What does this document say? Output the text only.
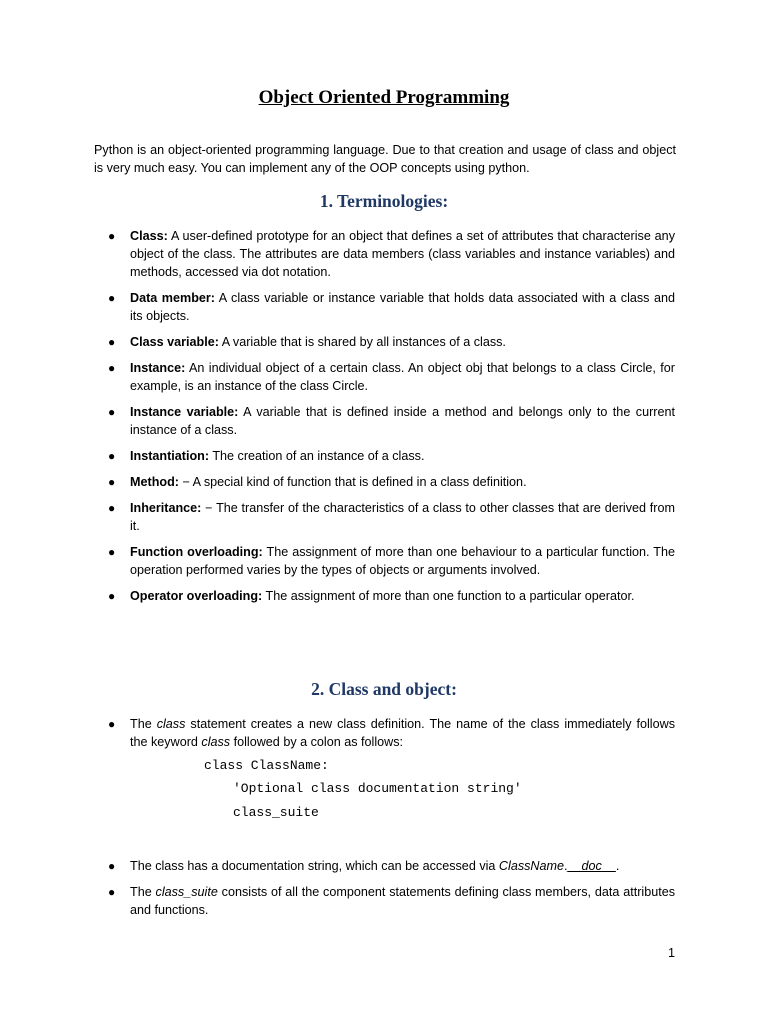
Object Oriented Programming
Python is an object-oriented programming language. Due to that creation and usage of class and object is very much easy. You can implement any of the OOP concepts using python.
1. Terminologies:
● Class: A user-defined prototype for an object that defines a set of attributes that characterise any object of the class. The attributes are data members (class variables and instance variables) and methods, accessed via dot notation.
● Data member: A class variable or instance variable that holds data associated with a class and its objects.
● Class variable: A variable that is shared by all instances of a class.
● Instance: An individual object of a certain class. An object obj that belongs to a class Circle, for example, is an instance of the class Circle.
● Instance variable: A variable that is defined inside a method and belongs only to the current instance of a class.
● Instantiation: The creation of an instance of a class.
● Method: − A special kind of function that is defined in a class definition.
● Inheritance: − The transfer of the characteristics of a class to other classes that are derived from it.
● Function overloading: The assignment of more than one behaviour to a particular function. The operation performed varies by the types of objects or arguments involved.
● Operator overloading: The assignment of more than one function to a particular operator.
2. Class and object:
● The class statement creates a new class definition. The name of the class immediately follows the keyword class followed by a colon as follows:
class ClassName:
'Optional class documentation string'
class_suite
● The class has a documentation string, which can be accessed via ClassName.__doc__.
● The class_suite consists of all the component statements defining class members, data attributes and functions.
1
